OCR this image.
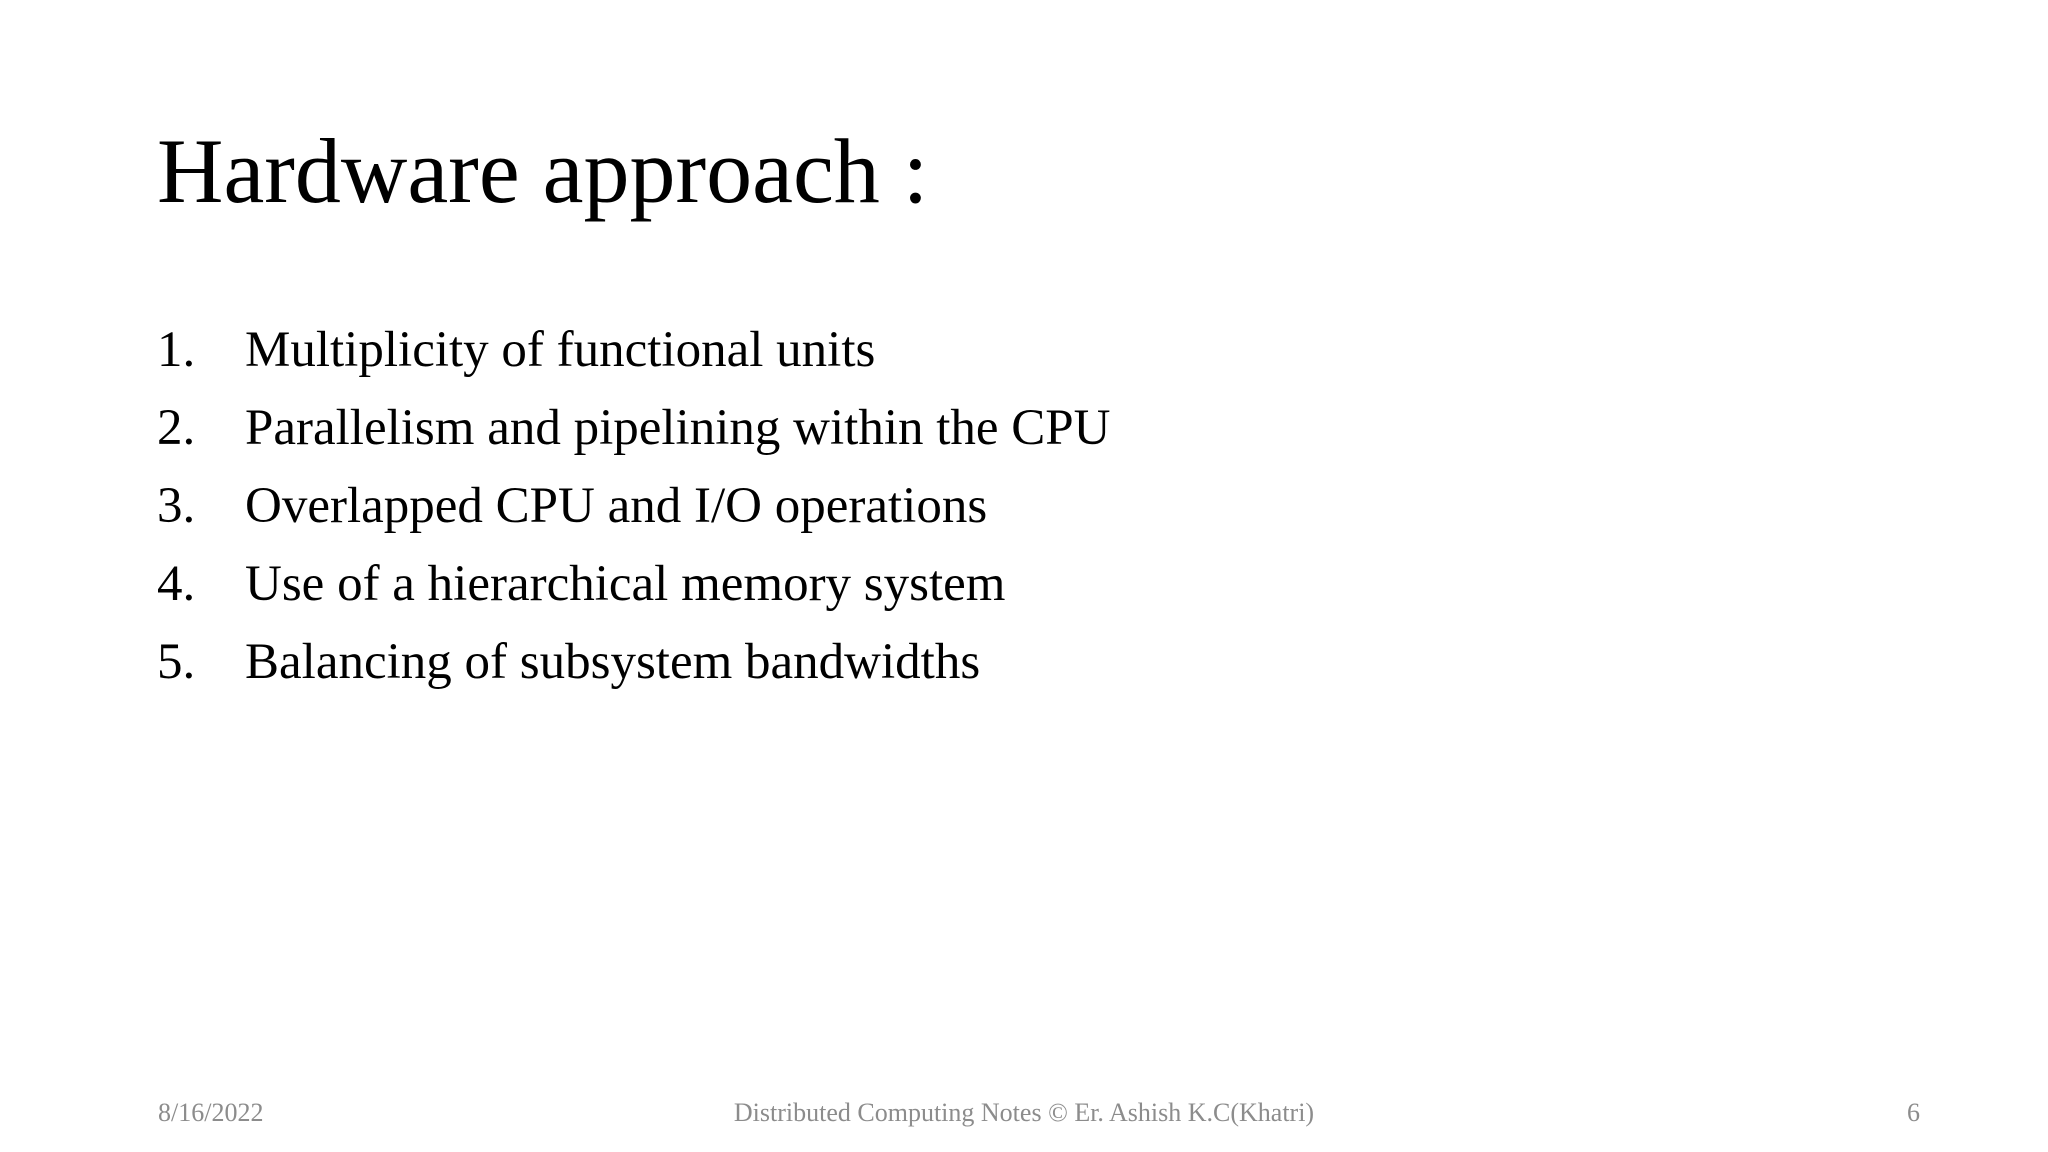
Hardware approach :
1. Multiplicity of functional units
2. Parallelism and pipelining within the CPU
3. Overlapped CPU and I/O operations
4. Use of a hierarchical memory system
5. Balancing of subsystem bandwidths
8/16/2022	Distributed Computing Notes © Er. Ashish K.C(Khatri)	6
